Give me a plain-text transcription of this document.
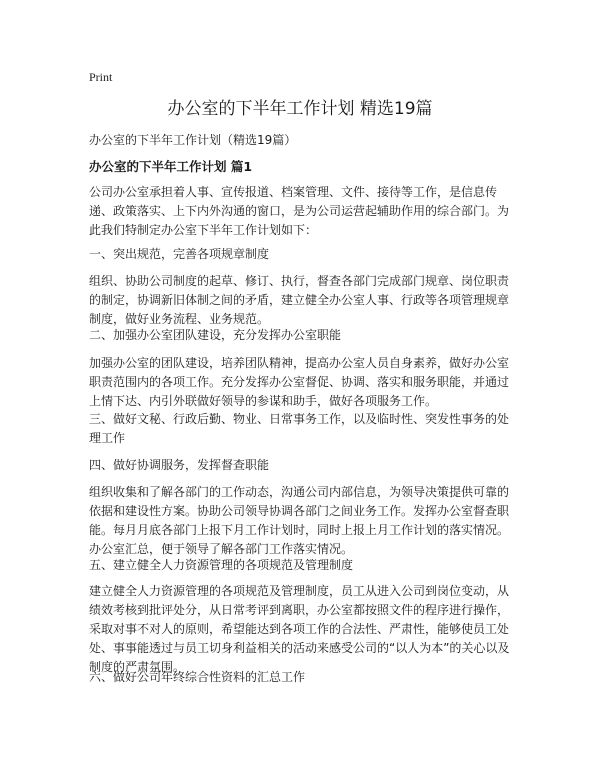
Print
办公室的下半年工作计划 精选19篇
办公室的下半年工作计划（精选19篇）
办公室的下半年工作计划 篇1

公司办公室承担着人事、宣传报道、档案管理、文件、接待等工作，是信息传递、政策落实、上下内外沟通的窗口，是为公司运营起辅助作用的综合部门。为此我们特制定办公室下半年工作计划如下：

一、突出规范，完善各项规章制度

组织、协助公司制度的起草、修订、执行，督查各部门完成部门规章、岗位职责的制定，协调新旧体制之间的矛盾，建立健全办公室人事、行政等各项管理规章制度，做好业务流程、业务规范。

二、加强办公室团队建设，充分发挥办公室职能

加强办公室的团队建设，培养团队精神，提高办公室人员自身素养，做好办公室职责范围内的各项工作。充分发挥办公室督促、协调、落实和服务职能，并通过上情下达、内引外联做好领导的参谋和助手，做好各项服务工作。

三、做好文秘、行政后勤、物业、日常事务工作，以及临时性、突发性事务的处理工作

四、做好协调服务，发挥督查职能

组织收集和了解各部门的工作动态，沟通公司内部信息，为领导决策提供可靠的依据和建设性方案。协助公司领导协调各部门之间业务工作。发挥办公室督查职能。每月月底各部门上报下月工作计划时，同时上报上月工作计划的落实情况。办公室汇总，便于领导了解各部门工作落实情况。

五、建立健全人力资源管理的各项规范及管理制度

建立健全人力资源管理的各项规范及管理制度，员工从进入公司到岗位变动，从绩效考核到批评处分，从日常考评到离职，办公室都按照文件的程序进行操作，采取对事不对人的原则，希望能达到各项工作的合法性、严肃性，能够使员工处处、事事能透过与员工切身利益相关的活动来感受公司的“以人为本”的关心以及制度的严肃氛围。

六、做好公司年终综合性资料的汇总工作
